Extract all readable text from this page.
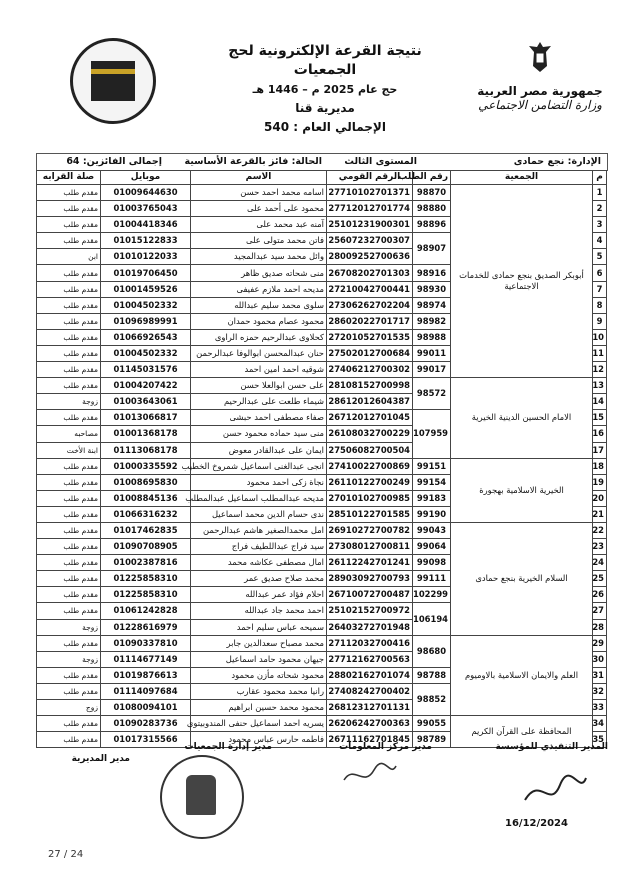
نتيجة القرعة الإلكترونية لحج الجمعيات
حج عام 2025 م – 1446 هـ
مديرية قنا
الإجمالي العام : 540
جمهورية مصر العربية
وزارة التضامن الاجتماعي
الإدارة: نجع حمادى
المستوى الثالث
الحالة: فائز بالقرعة الأساسية
إجمالى الفائزين: 64
م	الجمعية	رقم الطلب	الرقم القومي	الاسم	موبايل	صلة القرابه
1	أبوبكر الصديق بنجع حمادى للخدمات الاجتماعية	98870	27710102701371	اسامه محمد احمد حسن	01009644630	مقدم طلب
2		98880	27712012701774	محمود على أحمد على	01003765043	مقدم طلب
3		98896	25101231900301	آمنه عبد محمد على	01004418346	مقدم طلب
4		98907	25607232700307	فاتن محمد متولى على	01015122833	مقدم طلب
5			28009252700636	وائل محمد سيد عبدالمجيد	01010122033	ابن
6		98916	26708202701303	منى شحاته صديق ظاهر	01019706450	مقدم طلب
7		98930	27210042700441	مديحه احمد ملازم عفيفى	01001459526	مقدم طلب
8		98974	27306262702204	سلوى محمد سليم عبدالله	01004502332	مقدم طلب
9		98982	28602022701717	محمود عصام محمود حمدان	01096989991	مقدم طلب
10		98988	27201052701535	كحلاوى عبدالرحيم حمزه الراوى	01066926543	مقدم طلب
11		99011	27502012700684	حنان عبدالمحسن ابوالوفا عبدالرحمن	01004502332	مقدم طلب
12		99017	27406212700302	شوقيه احمد امين احمد	01145031576	مقدم طلب
13	الامام الحسين الدينية الخيرية	98572	28108152700998	على حسن ابوالعلا حسن	01004207422	مقدم طلب
14			28612012604387	شيماء طلعت على عبدالرحيم	01003643061	زوجة
15		107959	26712012701045	صفاء مصطفى احمد حبشى	01013066817	مقدم طلب
16			26108032700229	منى سيد حماده محمود حسن	01001368178	مصاحبه
17			27506082700504	ايمان على عبدالقادر معوض	01113068178	ابنة الأخت
18	الخيرية الاسلامية بهجورة	99151	27410022700869	انجى عبدالغنى اسماعيل شمروخ الخطيب	01000335592	مقدم طلب
19		99154	26110122700249	نجاة زكى احمد محمود	01008695830	مقدم طلب
20		99183	27010102700985	مديحه عبدالمطلب اسماعيل عبدالمطلب	01008845136	مقدم طلب
21		99190	28510122701585	ندى حسام الدين محمد اسماعيل	01066316232	مقدم طلب
22	السلام الخيرية بنجع حمادى	99043	26910272700782	امل محمدالصغير هاشم عبدالرحمن	01017462835	مقدم طلب
23		99064	27308012700811	سيد فراج عبداللطيف فراج	01090708905	مقدم طلب
24		99098	26112242701241	امال مصطفى عكاشه محمد	01002387816	مقدم طلب
25		99111	28903092700793	محمد صلاح صديق عمر	01225858310	مقدم طلب
26		102299	26710072700487	احلام فؤاد عمر عبدالله	01225858310	مقدم طلب
27		106194	25102152700972	احمد محمد جاد عبدالله	01061242828	مقدم طلب
28			26403272701948	سميحه عباس سليم احمد	01228616979	زوجة
29	العلم والايمان الاسلامية بالاوميوم	98680	27112032700416	محمد مصباح سعدالدين جابر	01090337810	مقدم طلب
30			27712162700563	جيهان محمود حامد اسماعيل	01114677149	زوجة
31		98788	28802162701074	محمود شحاته مأزن محمود	01019876613	مقدم طلب
32		98852	27408242700402	رانيا محمد محمود عقارب	01114097684	مقدم طلب
33			26812312701131	محمود محمد حسين ابراهيم	01080094101	زوج
34	المحافظة على القرآن الكريم	99055	26206242700363	يسريه احمد اسماعيل حنفى المندوبيتوى	01090283736	مقدم طلب
35		98789	26711162701845	فاطمه حارس عباس محمود	01017315566	مقدم طلب
المدير التنفيذي للمؤسسة
مدير مركز المعلومات
مدير إدارة الجمعيات
مدير المديرية
16/12/2024
27 / 24
